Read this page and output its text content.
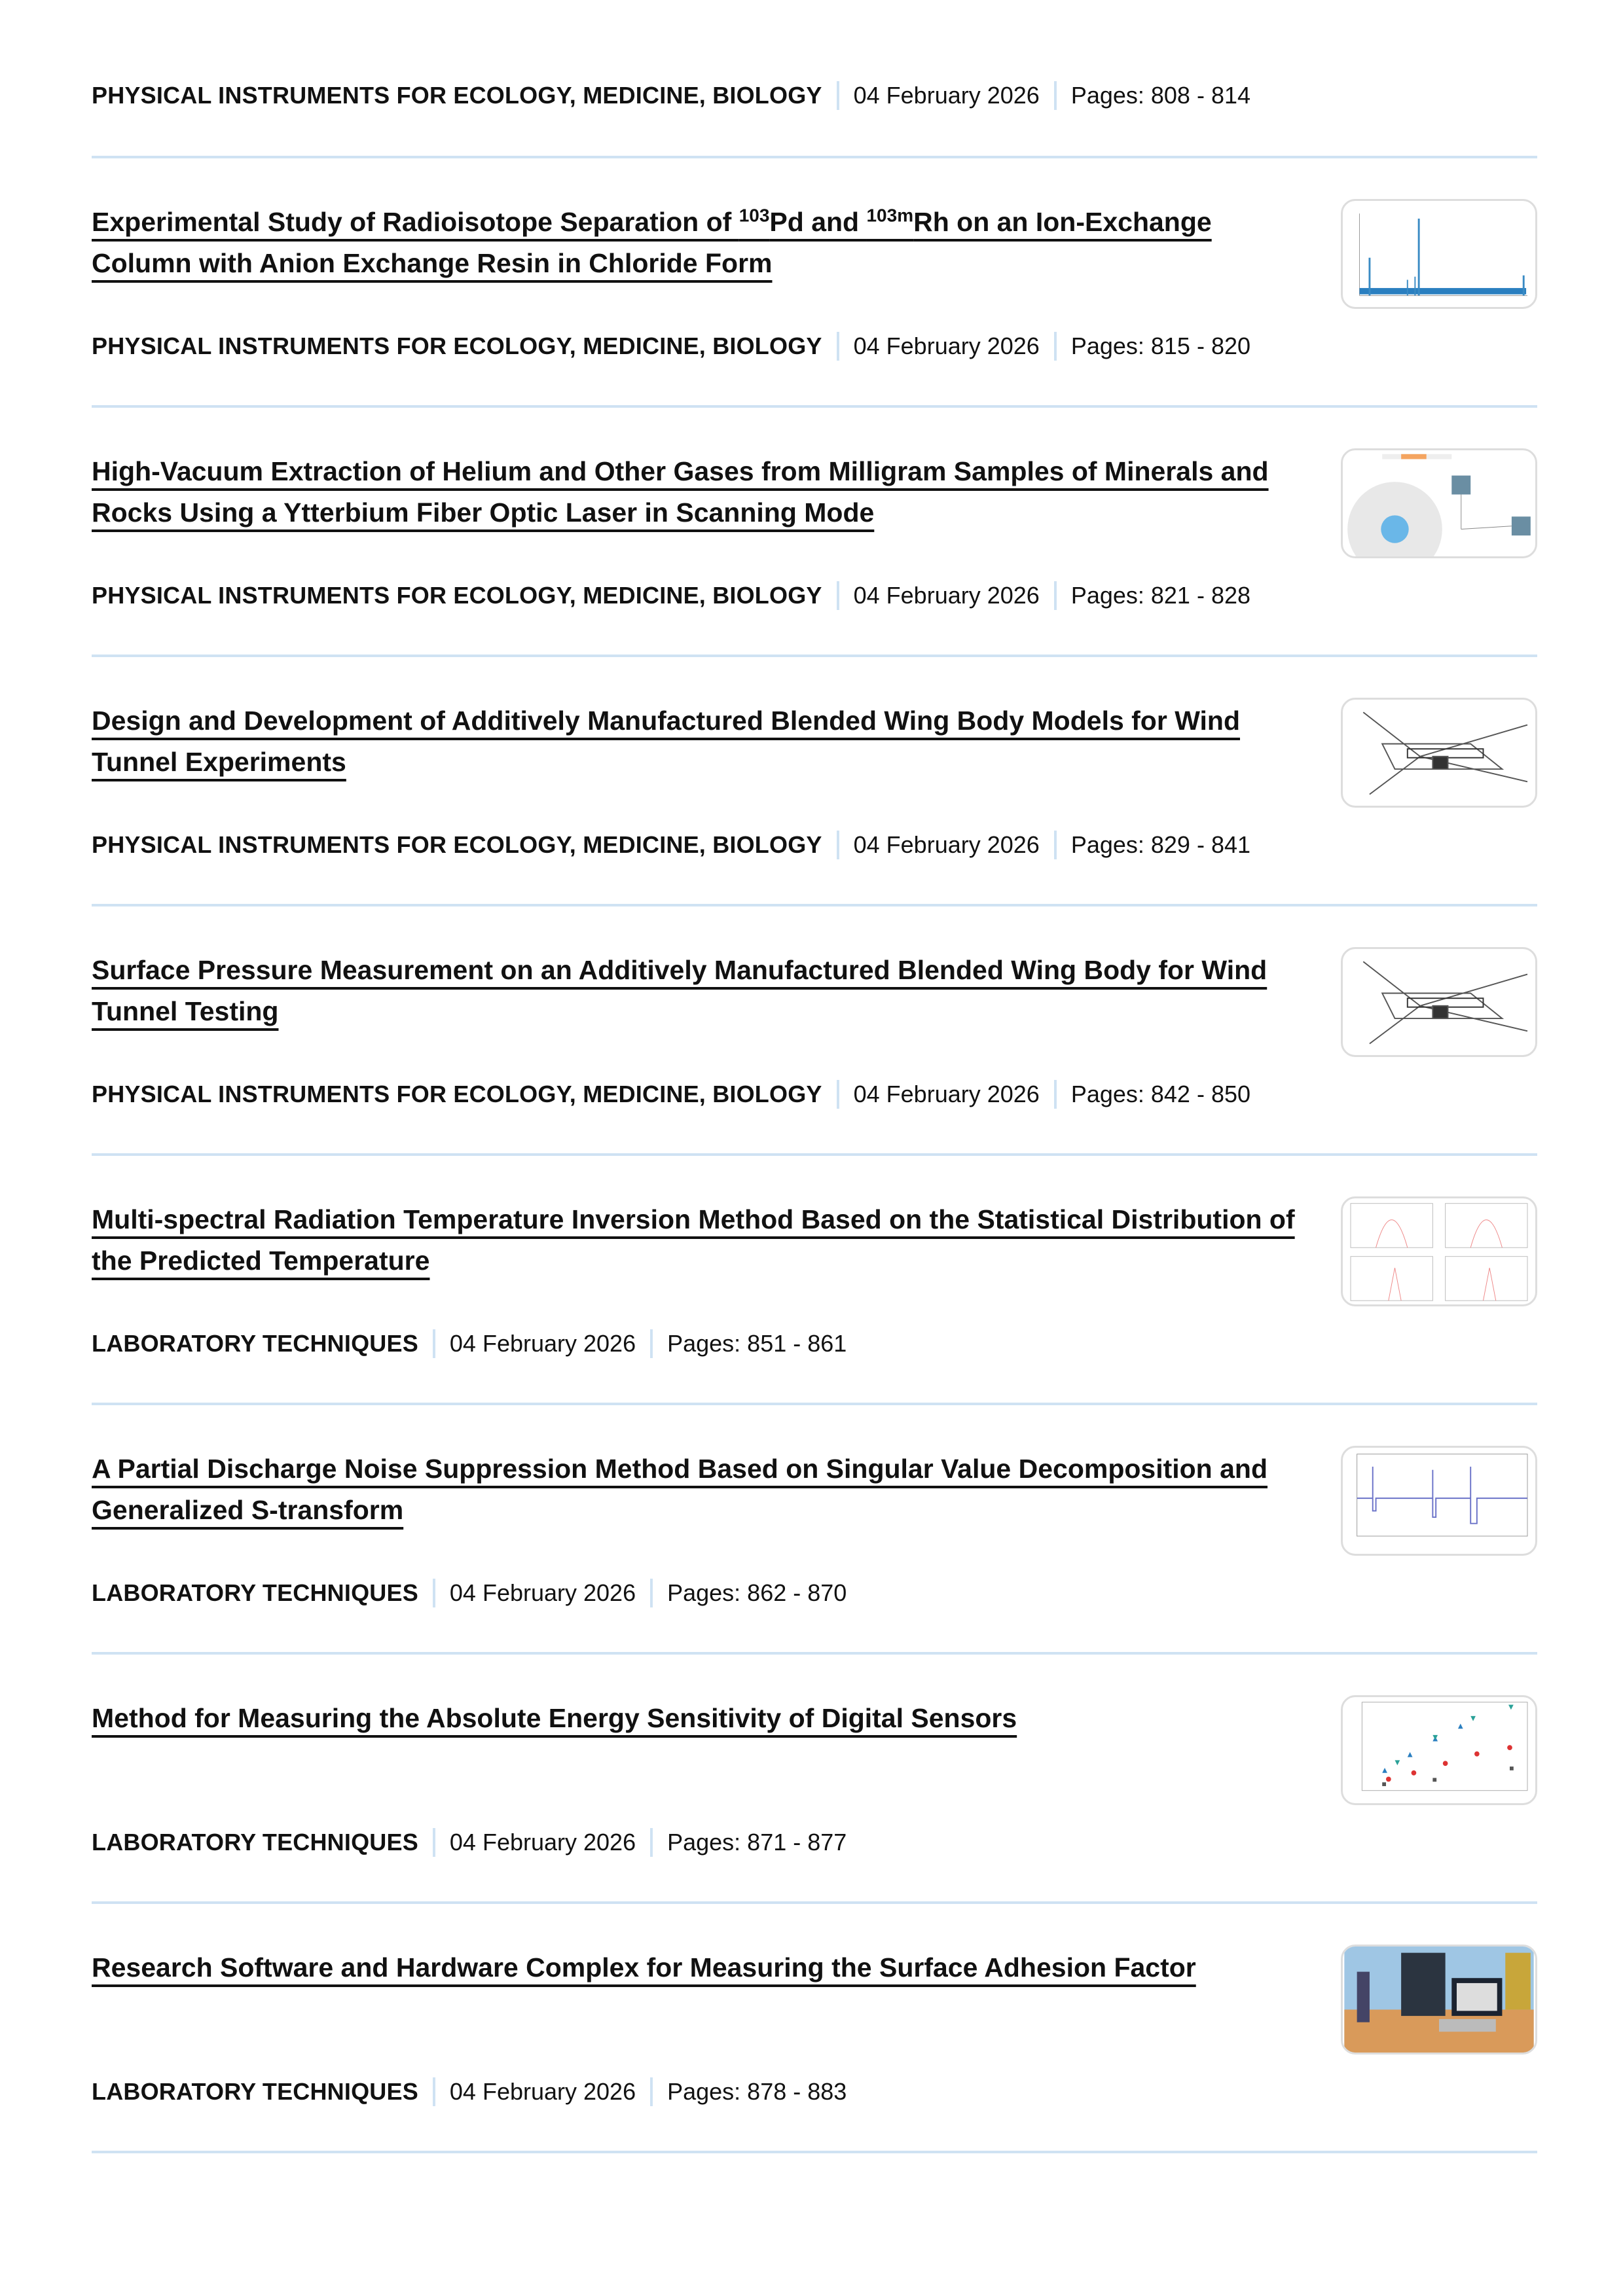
PHYSICAL INSTRUMENTS FOR ECOLOGY, MEDICINE, BIOLOGY 04 February 2026 Pages: 808 - 814
Experimental Study of Radioisotope Separation of $^{103}$Pd and $^{103m}$Rh on an Ion-Exchange Column with Anion Exchange Resin in Chloride Form
PHYSICAL INSTRUMENTS FOR ECOLOGY, MEDICINE, BIOLOGY 04 February 2026 Pages: 815 - 820
High-Vacuum Extraction of Helium and Other Gases from Milligram Samples of Minerals and Rocks Using a Ytterbium Fiber Optic Laser in Scanning Mode
PHYSICAL INSTRUMENTS FOR ECOLOGY, MEDICINE, BIOLOGY 04 February 2026 Pages: 821 - 828
Design and Development of Additively Manufactured Blended Wing Body Models for Wind Tunnel Experiments
PHYSICAL INSTRUMENTS FOR ECOLOGY, MEDICINE, BIOLOGY 04 February 2026 Pages: 829 - 841
Surface Pressure Measurement on an Additively Manufactured Blended Wing Body for Wind Tunnel Testing
PHYSICAL INSTRUMENTS FOR ECOLOGY, MEDICINE, BIOLOGY 04 February 2026 Pages: 842 - 850
Multi-spectral Radiation Temperature Inversion Method Based on the Statistical Distribution of the Predicted Temperature
LABORATORY TECHNIQUES 04 February 2026 Pages: 851 - 861
A Partial Discharge Noise Suppression Method Based on Singular Value Decomposition and Generalized S-transform
LABORATORY TECHNIQUES 04 February 2026 Pages: 862 - 870
Method for Measuring the Absolute Energy Sensitivity of Digital Sensors
LABORATORY TECHNIQUES 04 February 2026 Pages: 871 - 877
Research Software and Hardware Complex for Measuring the Surface Adhesion Factor
LABORATORY TECHNIQUES 04 February 2026 Pages: 878 - 883
